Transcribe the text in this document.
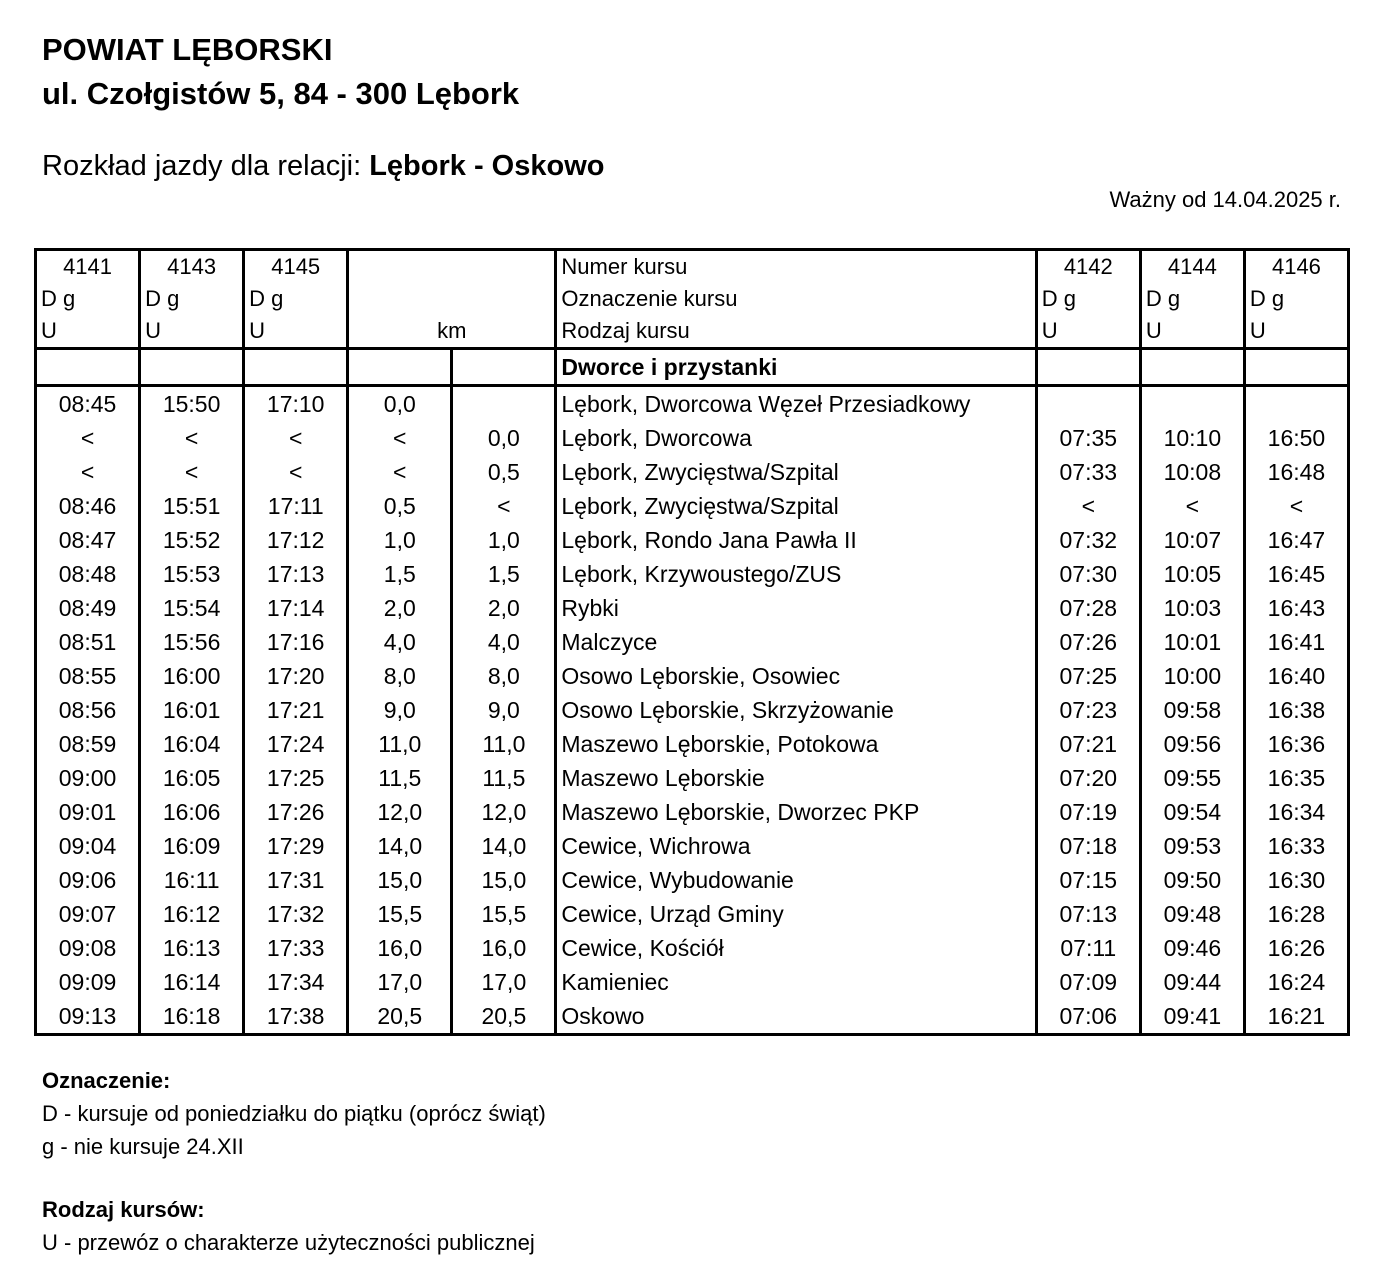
POWIAT LĘBORSKI
ul. Czołgistów 5, 84 - 300 Lębork
Rozkład jazdy dla relacji: Lębork - Oskowo
Ważny od 14.04.2025 r.
4141	4143	4145			Numer kursu	4142	4144	4146
D g	D g	D g			Oznaczenie kursu	D g	D g	D g
U	U	U	km		Rodzaj kursu	U	U	U
					Dworce i przystanki			
08:45	15:50	17:10	0,0		Lębork, Dworcowa Węzeł Przesiadkowy			
<	<	<	<	0,0	Lębork, Dworcowa	07:35	10:10	16:50
<	<	<	<	0,5	Lębork, Zwycięstwa/Szpital	07:33	10:08	16:48
08:46	15:51	17:11	0,5	<	Lębork, Zwycięstwa/Szpital	<	<	<
08:47	15:52	17:12	1,0	1,0	Lębork, Rondo Jana Pawła II	07:32	10:07	16:47
08:48	15:53	17:13	1,5	1,5	Lębork, Krzywoustego/ZUS	07:30	10:05	16:45
08:49	15:54	17:14	2,0	2,0	Rybki	07:28	10:03	16:43
08:51	15:56	17:16	4,0	4,0	Malczyce	07:26	10:01	16:41
08:55	16:00	17:20	8,0	8,0	Osowo Lęborskie, Osowiec	07:25	10:00	16:40
08:56	16:01	17:21	9,0	9,0	Osowo Lęborskie, Skrzyżowanie	07:23	09:58	16:38
08:59	16:04	17:24	11,0	11,0	Maszewo Lęborskie, Potokowa	07:21	09:56	16:36
09:00	16:05	17:25	11,5	11,5	Maszewo Lęborskie	07:20	09:55	16:35
09:01	16:06	17:26	12,0	12,0	Maszewo Lęborskie, Dworzec PKP	07:19	09:54	16:34
09:04	16:09	17:29	14,0	14,0	Cewice, Wichrowa	07:18	09:53	16:33
09:06	16:11	17:31	15,0	15,0	Cewice, Wybudowanie	07:15	09:50	16:30
09:07	16:12	17:32	15,5	15,5	Cewice, Urząd Gminy	07:13	09:48	16:28
09:08	16:13	17:33	16,0	16,0	Cewice, Kościół	07:11	09:46	16:26
09:09	16:14	17:34	17,0	17,0	Kamieniec	07:09	09:44	16:24
09:13	16:18	17:38	20,5	20,5	Oskowo	07:06	09:41	16:21
Oznaczenie:
D - kursuje od poniedziałku do piątku (oprócz świąt)
g - nie kursuje 24.XII
Rodzaj kursów:
U - przewóz o charakterze użyteczności publicznej
